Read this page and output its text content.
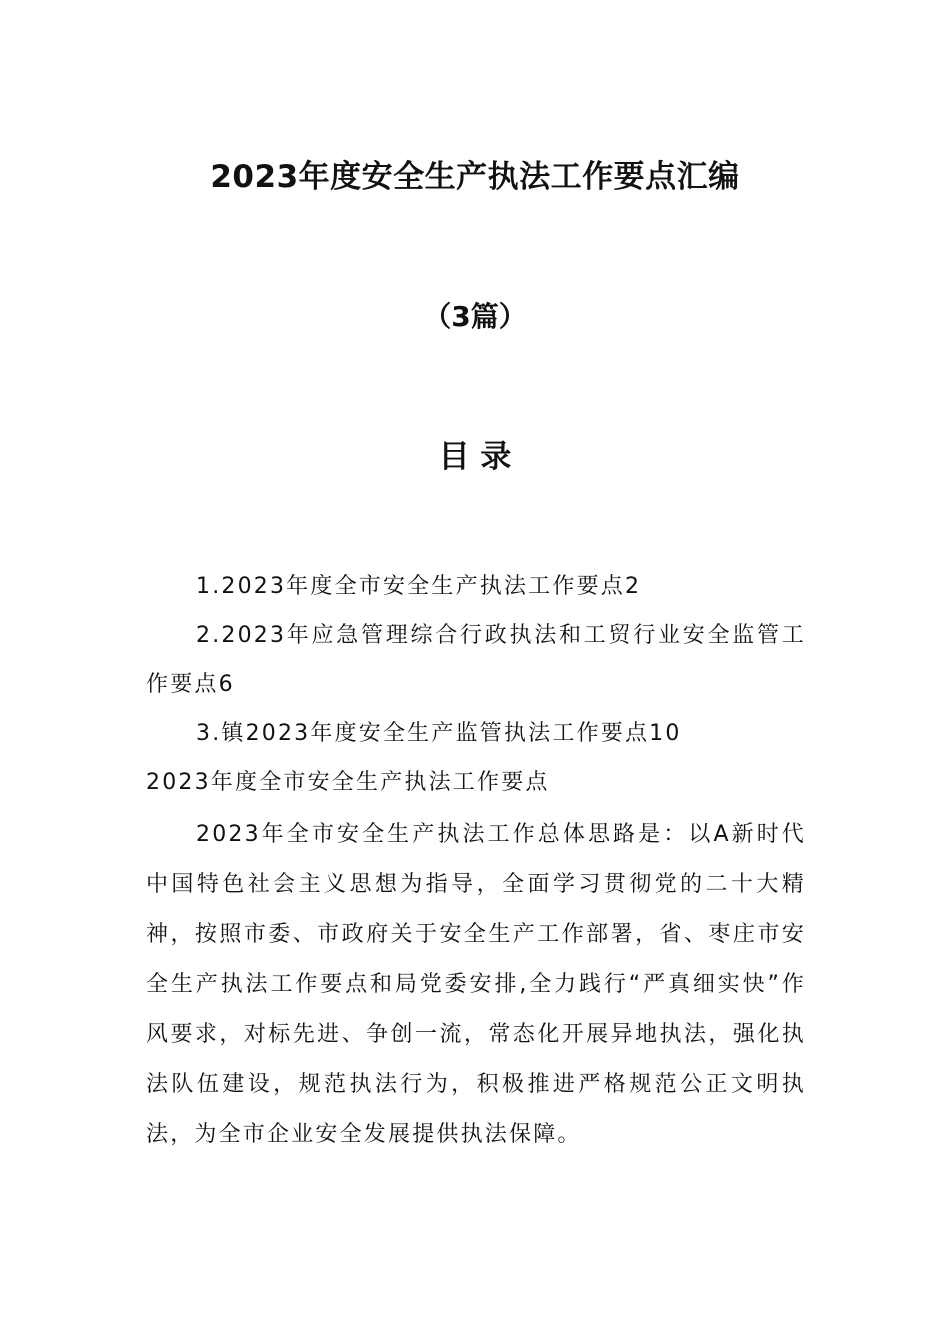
2023年度安全生产执法工作要点汇编
（3篇）
目 录
1.2023年度全市安全生产执法工作要点2
2.2023年应急管理综合行政执法和工贸行业安全监管工作要点6
3.镇2023年度安全生产监管执法工作要点10
2023年度全市安全生产执法工作要点
2023年全市安全生产执法工作总体思路是：以A新时代中国特色社会主义思想为指导，全面学习贯彻党的二十大精神，按照市委、市政府关于安全生产工作部署，省、枣庄市安全生产执法工作要点和局党委安排,全力践行“严真细实快”作风要求，对标先进、争创一流，常态化开展异地执法，强化执法队伍建设，规范执法行为，积极推进严格规范公正文明执法，为全市企业安全发展提供执法保障。
